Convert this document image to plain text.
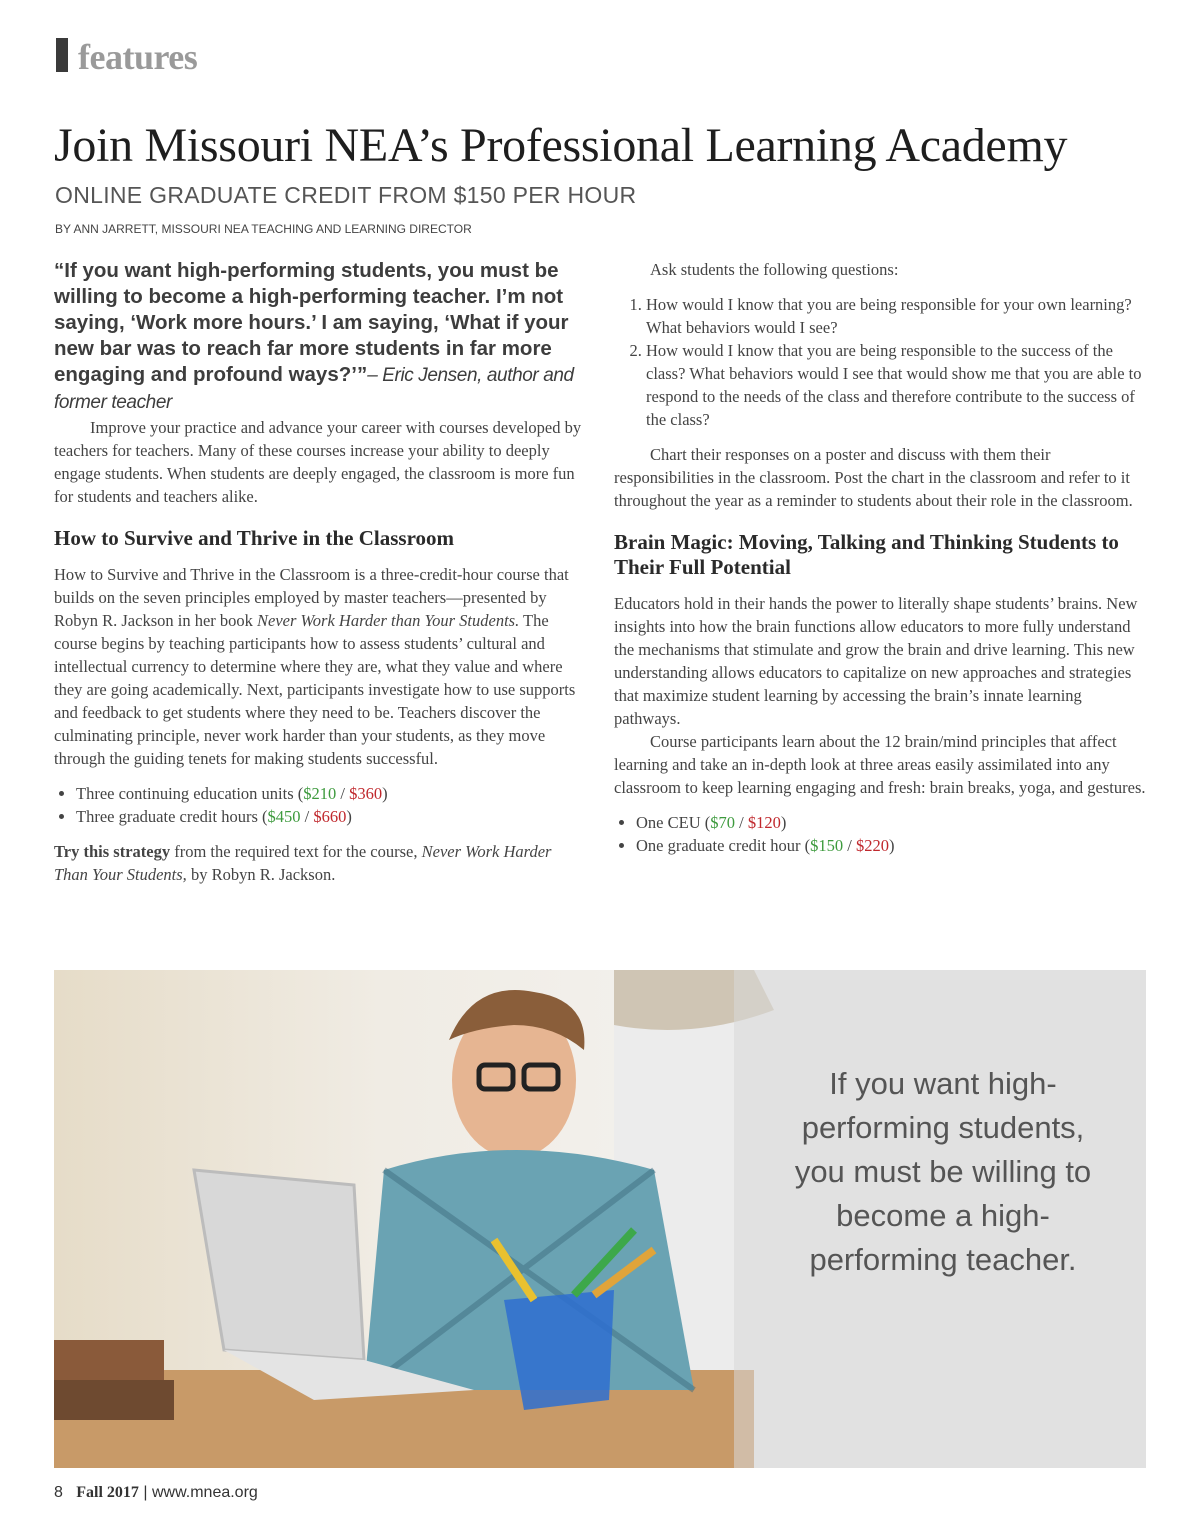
features
Join Missouri NEA’s Professional Learning Academy
ONLINE GRADUATE CREDIT FROM $150 PER HOUR
BY ANN JARRETT, MISSOURI NEA TEACHING AND LEARNING DIRECTOR

“If you want high-performing students, you must be willing to become a high-performing teacher. I’m not saying, ‘Work more hours.’ I am saying, ‘What if your new bar was to reach far more students in far more engaging and profound ways?’”– Eric Jensen, author and former teacher

Improve your practice and advance your career with courses developed by teachers for teachers. Many of these courses increase your ability to deeply engage students. When students are deeply engaged, the classroom is more fun for students and teachers alike.

How to Survive and Thrive in the Classroom

How to Survive and Thrive in the Classroom is a three-credit-hour course that builds on the seven principles employed by master teachers—presented by Robyn R. Jackson in her book Never Work Harder than Your Students. The course begins by teaching participants how to assess students’ cultural and intellectual currency to determine where they are, what they value and where they are going academically. Next, participants investigate how to use supports and feedback to get students where they need to be. Teachers discover the culminating principle, never work harder than your students, as they move through the guiding tenets for making students successful.

• Three continuing education units ($210 / $360)
• Three graduate credit hours ($450 / $660)

Try this strategy from the required text for the course, Never Work Harder Than Your Students, by Robyn R. Jackson.

Ask students the following questions:

1. How would I know that you are being responsible for your own learning? What behaviors would I see?
2. How would I know that you are being responsible to the success of the class? What behaviors would I see that would show me that you are able to respond to the needs of the class and therefore contribute to the success of the class?

Chart their responses on a poster and discuss with them their responsibilities in the classroom. Post the chart in the classroom and refer to it throughout the year as a reminder to students about their role in the classroom.

Brain Magic: Moving, Talking and Thinking Students to Their Full Potential

Educators hold in their hands the power to literally shape students’ brains. New insights into how the brain functions allow educators to more fully understand the mechanisms that stimulate and grow the brain and drive learning. This new understanding allows educators to capitalize on new approaches and strategies that maximize student learning by accessing the brain’s innate learning pathways.

Course participants learn about the 12 brain/mind principles that affect learning and take an in-depth look at three areas easily assimilated into any classroom to keep learning engaging and fresh: brain breaks, yoga, and gestures.

• One CEU ($70 / $120)
• One graduate credit hour ($150 / $220)
If you want high-performing students, you must be willing to become a high-performing teacher.
8 Fall 2017 | www.mnea.org
